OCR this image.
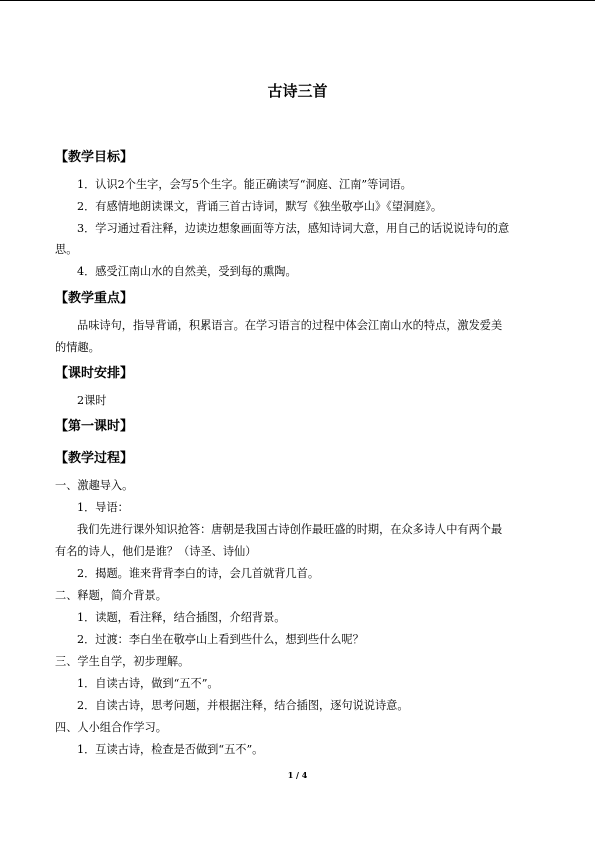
古诗三首
【教学目标】
1．认识2个生字，会写5个生字。能正确读写“洞庭、江南”等词语。
2．有感情地朗读课文，背诵三首古诗词，默写《独坐敬亭山》《望洞庭》。
3．学习通过看注释，边读边想象画面等方法，感知诗词大意，用自己的话说说诗句的意
思。
4．感受江南山水的自然美，受到每的熏陶。
【教学重点】
品味诗句，指导背诵，积累语言。在学习语言的过程中体会江南山水的特点，激发爱美
的情趣。
【课时安排】
2课时
【第一课时】
【教学过程】
一、激趣导入。
1．导语：
我们先进行课外知识抢答：唐朝是我国古诗创作最旺盛的时期，在众多诗人中有两个最
有名的诗人，他们是谁？（诗圣、诗仙）
2．揭题。谁来背背李白的诗，会几首就背几首。
二、释题，简介背景。
1．读题，看注释，结合插图，介绍背景。
2．过渡：李白坐在敬亭山上看到些什么，想到些什么呢？
三、学生自学，初步理解。
1．自读古诗，做到“五不”。
2．自读古诗，思考问题，并根据注释，结合插图，逐句说说诗意。
四、人小组合作学习。
1．互读古诗，检查是否做到“五不”。
1 / 4
